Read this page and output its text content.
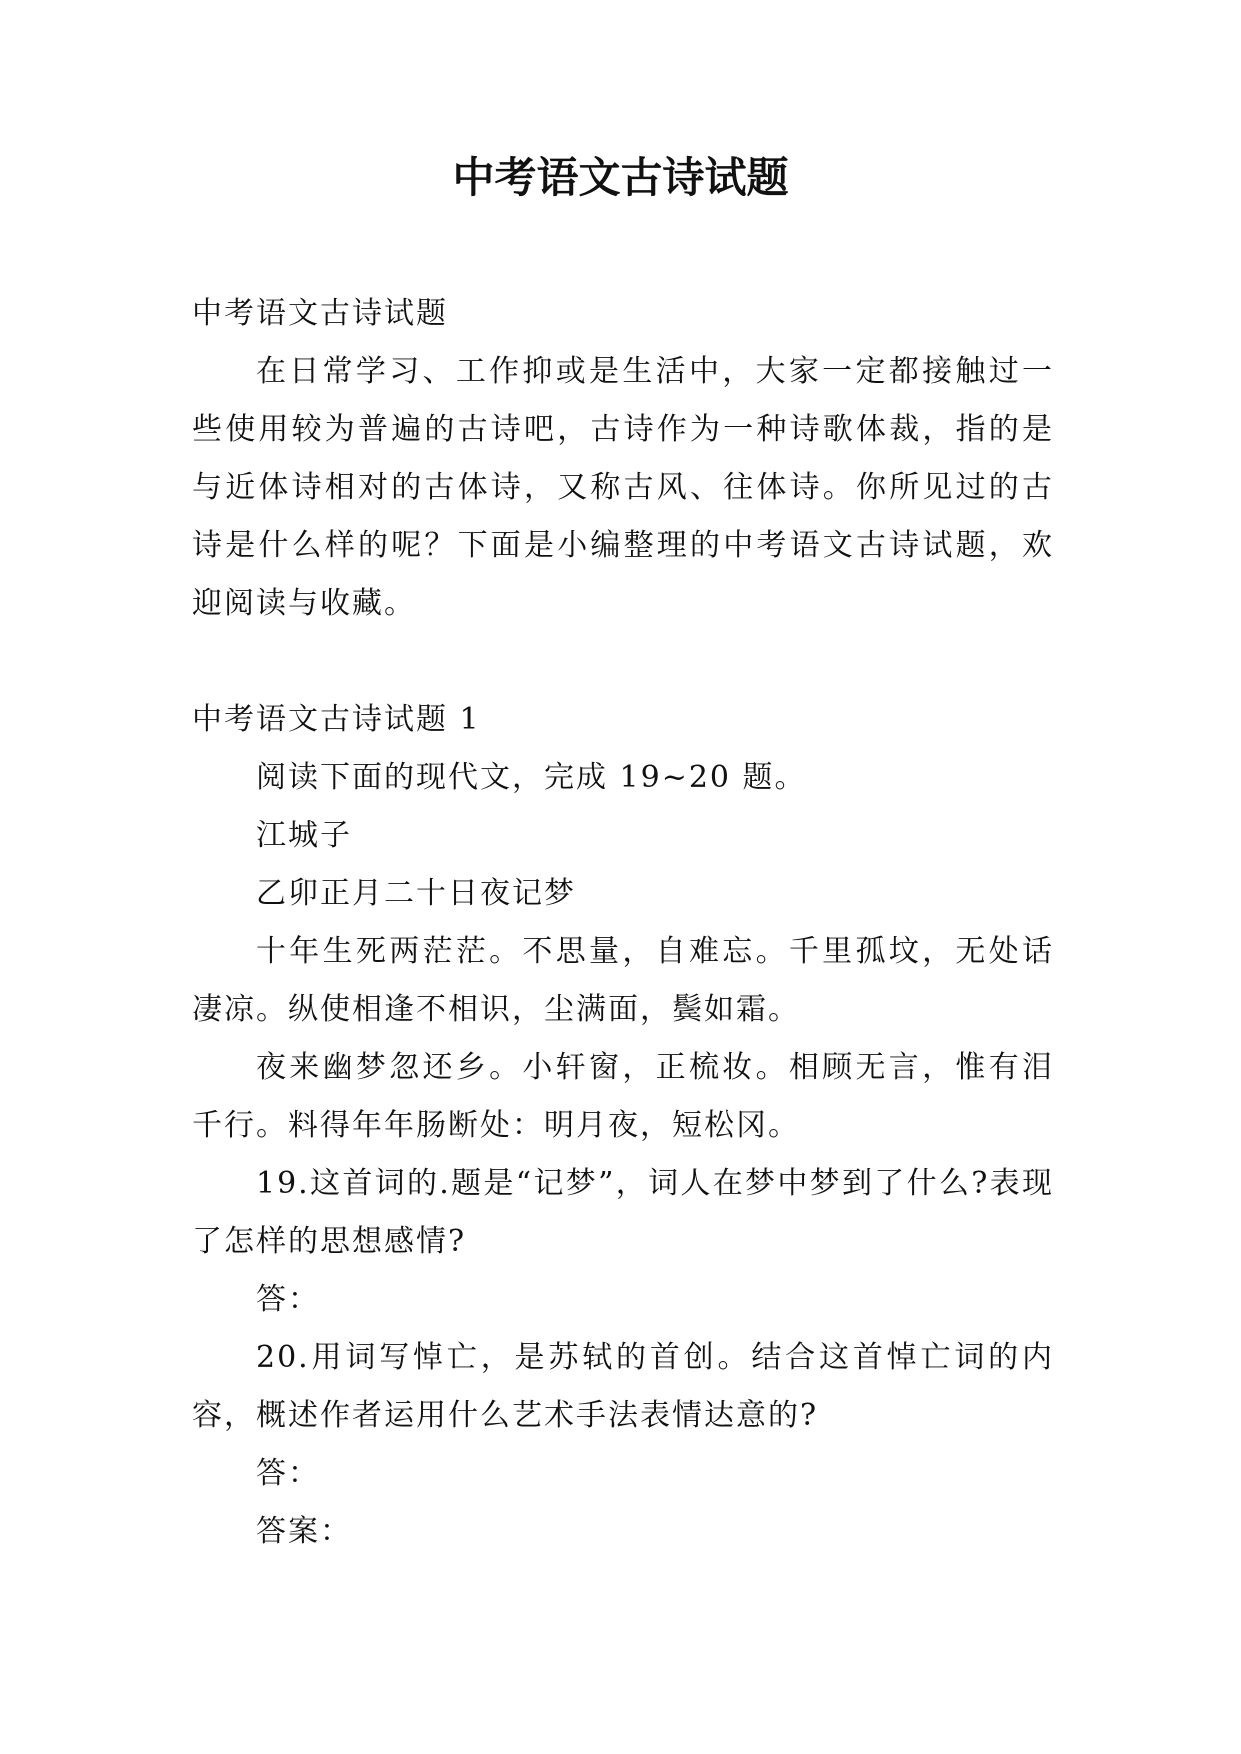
中考语文古诗试题

中考语文古诗试题

在日常学习、工作抑或是生活中，大家一定都接触过一些使用较为普遍的古诗吧，古诗作为一种诗歌体裁，指的是与近体诗相对的古体诗，又称古风、往体诗。你所见过的古诗是什么样的呢？下面是小编整理的中考语文古诗试题，欢迎阅读与收藏。

中考语文古诗试题 1

阅读下面的现代文，完成 19~20 题。

江城子

乙卯正月二十日夜记梦

十年生死两茫茫。不思量，自难忘。千里孤坟，无处话凄凉。纵使相逢不相识，尘满面，鬓如霜。

夜来幽梦忽还乡。小轩窗，正梳妆。相顾无言，惟有泪千行。料得年年肠断处：明月夜，短松冈。

19.这首词的.题是“记梦”，词人在梦中梦到了什么?表现了怎样的思想感情?

答：

20.用词写悼亡，是苏轼的首创。结合这首悼亡词的内容，概述作者运用什么艺术手法表情达意的?

答：

答案：
